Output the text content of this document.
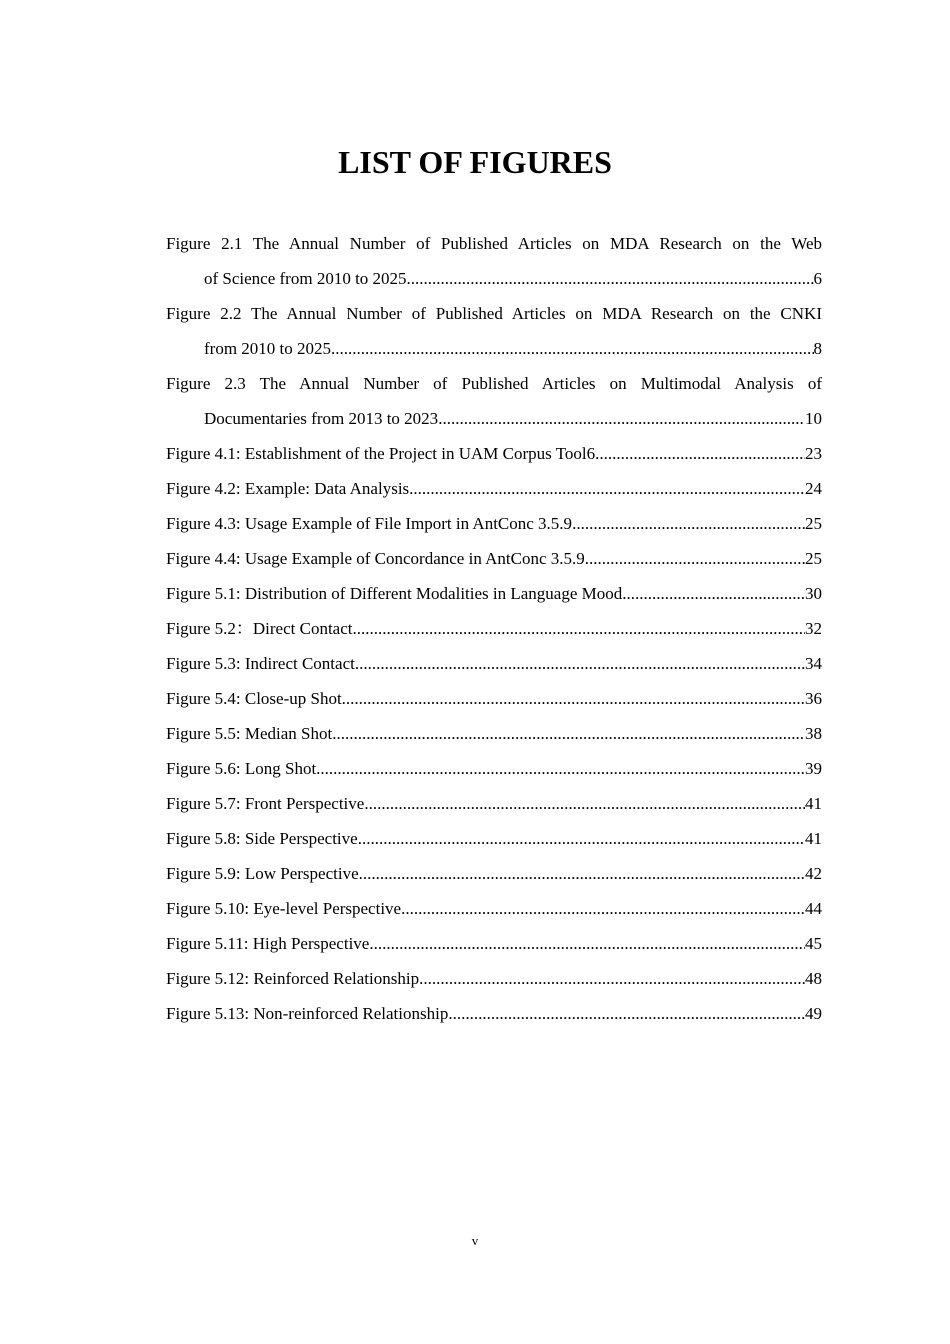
LIST OF FIGURES
Figure 2.1 The Annual Number of Published Articles on MDA Research on the Web
of Science from 2010 to 2025 .....	6
Figure 2.2 The Annual Number of Published Articles on MDA Research on the CNKI
from 2010 to 2025 .....	8
Figure 2.3 The Annual Number of Published Articles on Multimodal Analysis of
Documentaries from 2013 to 2023 .....	10
Figure 4.1: Establishment of the Project in UAM Corpus Tool6 .....	23
Figure 4.2: Example: Data Analysis .....	24
Figure 4.3: Usage Example of File Import in AntConc 3.5.9 .....	25
Figure 4.4: Usage Example of Concordance in AntConc 3.5.9 .....	25
Figure 5.1: Distribution of Different Modalities in Language Mood .....	30
Figure 5.2：Direct Contact .....	32
Figure 5.3: Indirect Contact .....	34
Figure 5.4: Close-up Shot .....	36
Figure 5.5: Median Shot .....	38
Figure 5.6: Long Shot .....	39
Figure 5.7: Front Perspective .....	41
Figure 5.8: Side Perspective .....	41
Figure 5.9: Low Perspective .....	42
Figure 5.10: Eye-level Perspective .....	44
Figure 5.11: High Perspective .....	45
Figure 5.12: Reinforced Relationship .....	48
Figure 5.13: Non-reinforced Relationship .....	49
v
